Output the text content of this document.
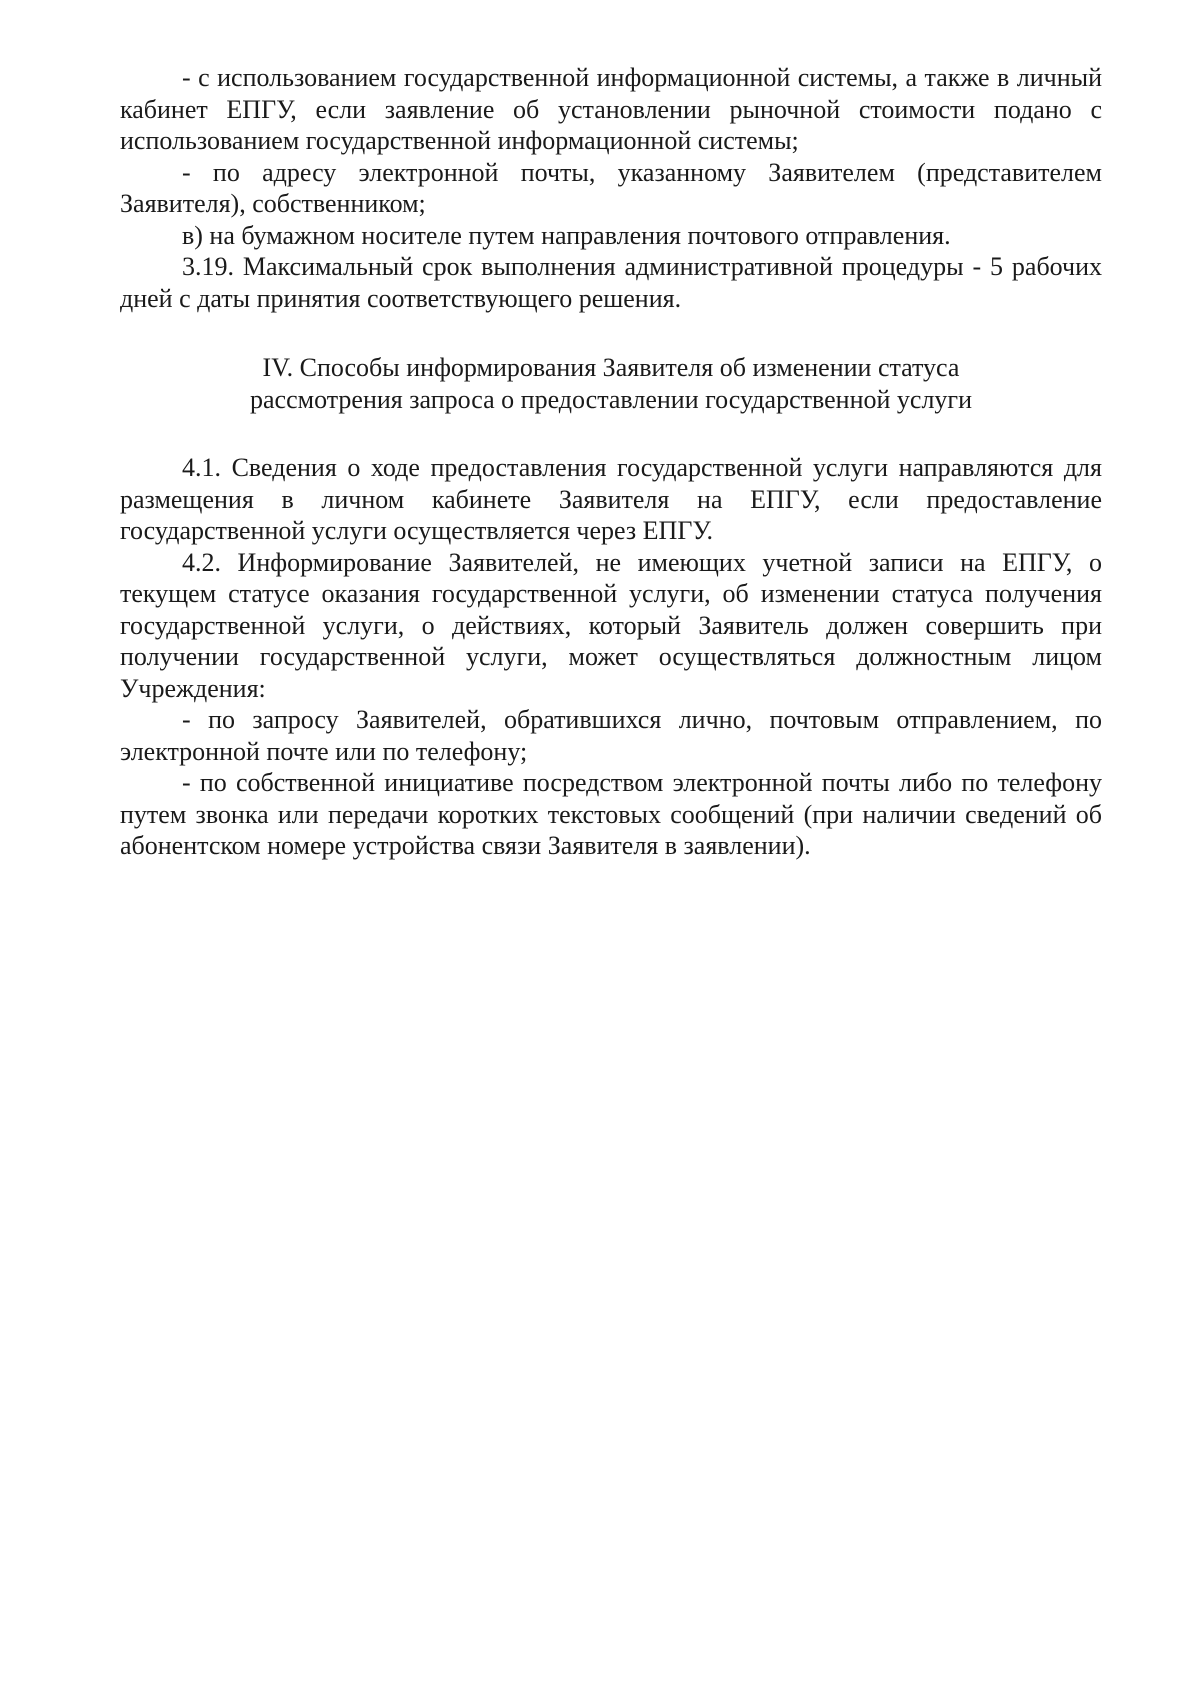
- с использованием государственной информационной системы, а также в личный кабинет ЕПГУ, если заявление об установлении рыночной стоимости подано с использованием государственной информационной системы;

- по адресу электронной почты, указанному Заявителем (представителем Заявителя), собственником;

в) на бумажном носителе путем направления почтового отправления.

3.19. Максимальный срок выполнения административной процедуры - 5 рабочих дней с даты принятия соответствующего решения.

IV. Способы информирования Заявителя об изменении статуса
рассмотрения запроса о предоставлении государственной услуги

4.1. Сведения о ходе предоставления государственной услуги направляются для размещения в личном кабинете Заявителя на ЕПГУ, если предоставление государственной услуги осуществляется через ЕПГУ.

4.2. Информирование Заявителей, не имеющих учетной записи на ЕПГУ, о текущем статусе оказания государственной услуги, об изменении статуса получения государственной услуги, о действиях, который Заявитель должен совершить при получении государственной услуги, может осуществляться должностным лицом Учреждения:

- по запросу Заявителей, обратившихся лично, почтовым отправлением, по электронной почте или по телефону;

- по собственной инициативе посредством электронной почты либо по телефону путем звонка или передачи коротких текстовых сообщений (при наличии сведений об абонентском номере устройства связи Заявителя в заявлении).
